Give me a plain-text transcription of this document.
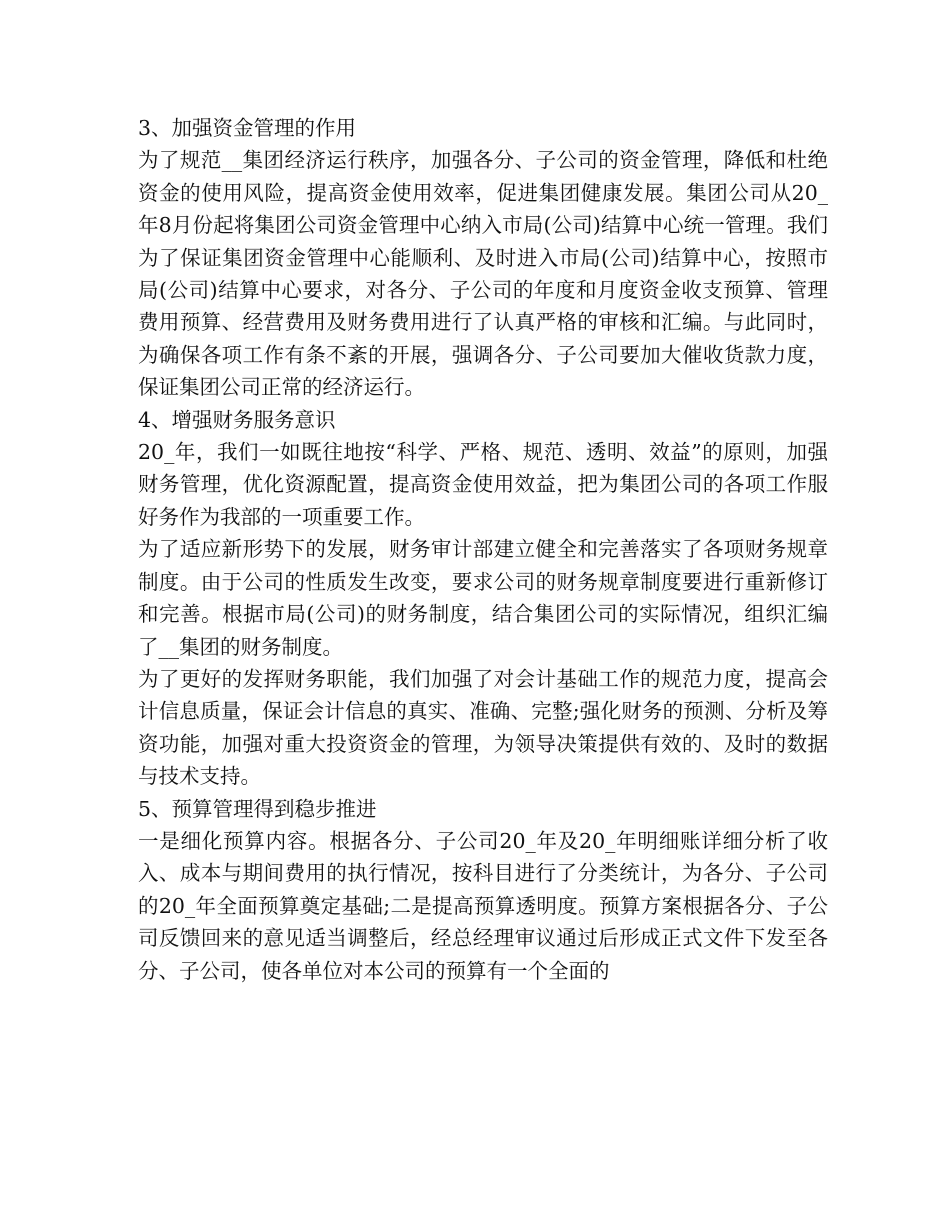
3、加强资金管理的作用

为了规范__集团经济运行秩序，加强各分、子公司的资金管理，降低和杜绝资金的使用风险，提高资金使用效率，促进集团健康发展。集团公司从20_年8月份起将集团公司资金管理中心纳入市局(公司)结算中心统一管理。我们为了保证集团资金管理中心能顺利、及时进入市局(公司)结算中心，按照市局(公司)结算中心要求，对各分、子公司的年度和月度资金收支预算、管理费用预算、经营费用及财务费用进行了认真严格的审核和汇编。与此同时，为确保各项工作有条不紊的开展，强调各分、子公司要加大催收货款力度，保证集团公司正常的经济运行。

4、增强财务服务意识

20_年，我们一如既往地按“科学、严格、规范、透明、效益”的原则，加强财务管理，优化资源配置，提高资金使用效益，把为集团公司的各项工作服好务作为我部的一项重要工作。

为了适应新形势下的发展，财务审计部建立健全和完善落实了各项财务规章制度。由于公司的性质发生改变，要求公司的财务规章制度要进行重新修订和完善。根据市局(公司)的财务制度，结合集团公司的实际情况，组织汇编了__集团的财务制度。

为了更好的发挥财务职能，我们加强了对会计基础工作的规范力度，提高会计信息质量，保证会计信息的真实、准确、完整;强化财务的预测、分析及筹资功能，加强对重大投资资金的管理，为领导决策提供有效的、及时的数据与技术支持。

5、预算管理得到稳步推进

一是细化预算内容。根据各分、子公司20_年及20_年明细账详细分析了收入、成本与期间费用的执行情况，按科目进行了分类统计，为各分、子公司的20_年全面预算奠定基础;二是提高预算透明度。预算方案根据各分、子公司反馈回来的意见适当调整后，经总经理审议通过后形成正式文件下发至各分、子公司，使各单位对本公司的预算有一个全面的
